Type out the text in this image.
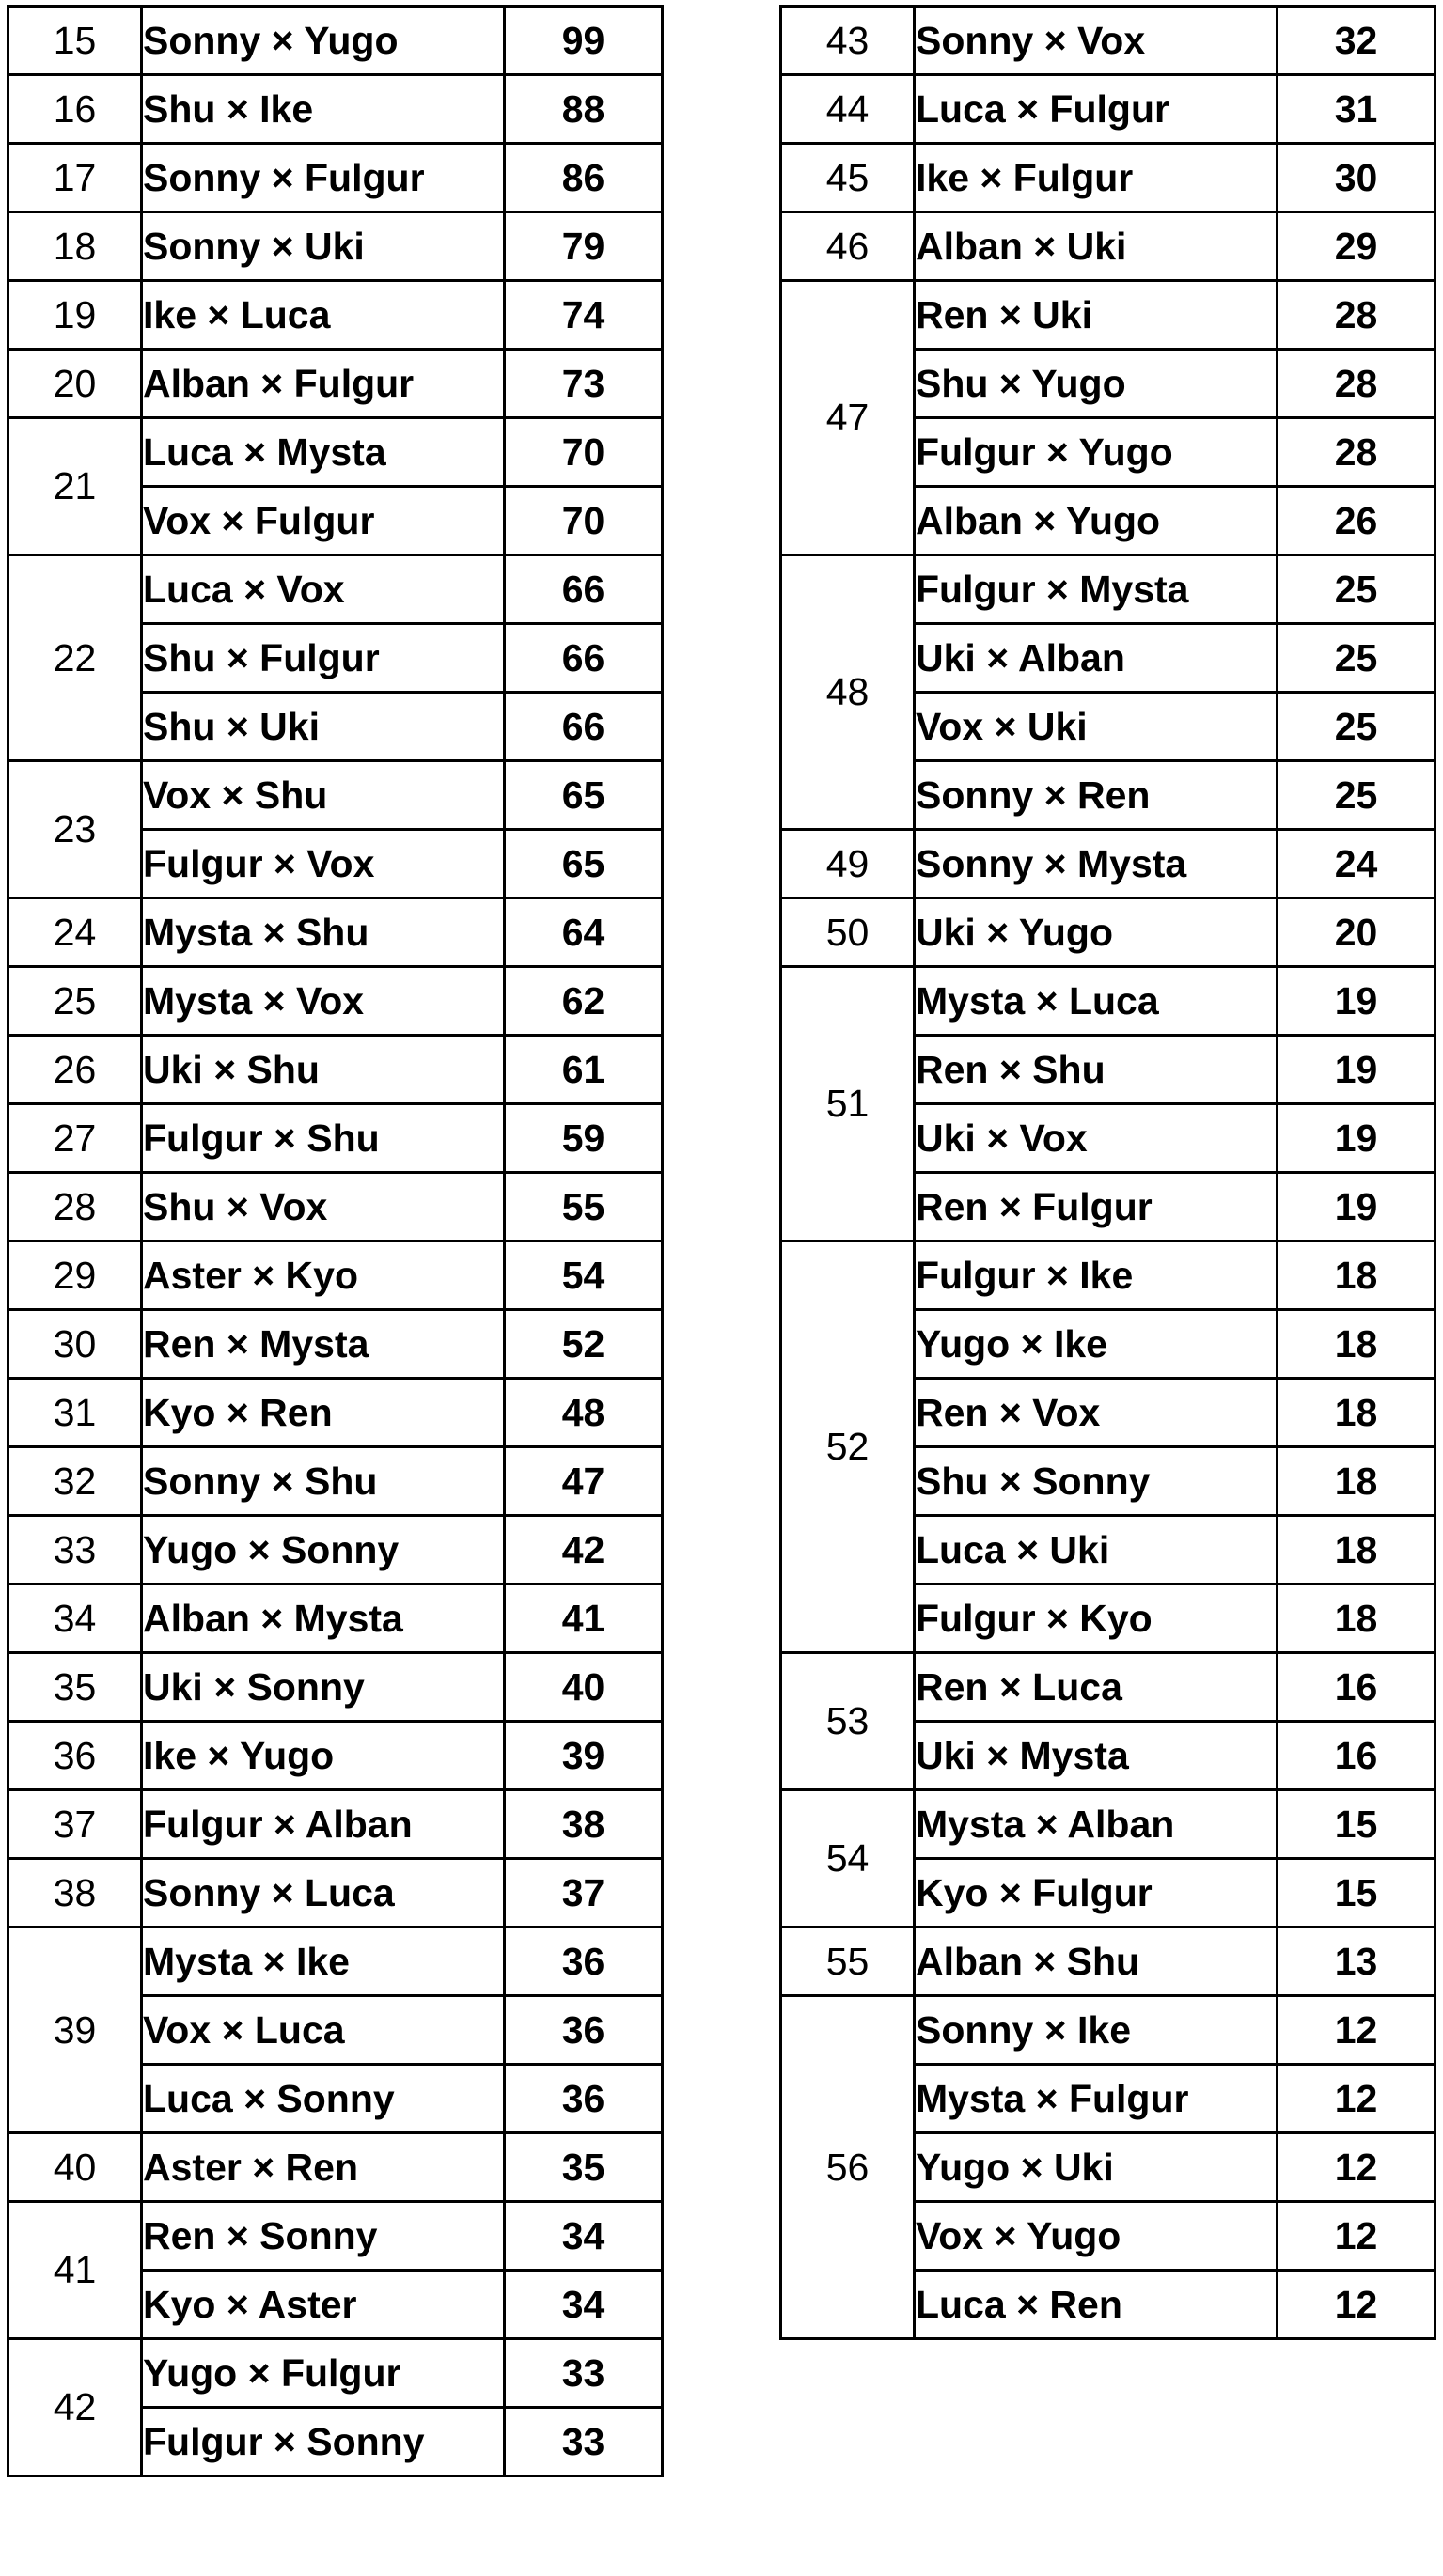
15	Sonny × Yugo	99
16	Shu × Ike	88
17	Sonny × Fulgur	86
18	Sonny × Uki	79
19	Ike × Luca	74
20	Alban × Fulgur	73
21	Luca × Mysta	70
	Vox × Fulgur	70
22	Luca × Vox	66
	Shu × Fulgur	66
	Shu × Uki	66
23	Vox × Shu	65
	Fulgur × Vox	65
24	Mysta × Shu	64
25	Mysta × Vox	62
26	Uki × Shu	61
27	Fulgur × Shu	59
28	Shu × Vox	55
29	Aster × Kyo	54
30	Ren × Mysta	52
31	Kyo × Ren	48
32	Sonny × Shu	47
33	Yugo × Sonny	42
34	Alban × Mysta	41
35	Uki × Sonny	40
36	Ike × Yugo	39
37	Fulgur × Alban	38
38	Sonny × Luca	37
39	Mysta × Ike	36
	Vox × Luca	36
	Luca × Sonny	36
40	Aster × Ren	35
41	Ren × Sonny	34
	Kyo × Aster	34
42	Yugo × Fulgur	33
	Fulgur × Sonny	33
43	Sonny × Vox	32
44	Luca × Fulgur	31
45	Ike × Fulgur	30
46	Alban × Uki	29
47	Ren × Uki	28
	Shu × Yugo	28
	Fulgur × Yugo	28
	Alban × Yugo	26
48	Fulgur × Mysta	25
	Uki × Alban	25
	Vox × Uki	25
	Sonny × Ren	25
49	Sonny × Mysta	24
50	Uki × Yugo	20
51	Mysta × Luca	19
	Ren × Shu	19
	Uki × Vox	19
	Ren × Fulgur	19
52	Fulgur × Ike	18
	Yugo × Ike	18
	Ren × Vox	18
	Shu × Sonny	18
	Luca × Uki	18
	Fulgur × Kyo	18
53	Ren × Luca	16
	Uki × Mysta	16
54	Mysta × Alban	15
	Kyo × Fulgur	15
55	Alban × Shu	13
56	Sonny × Ike	12
	Mysta × Fulgur	12
	Yugo × Uki	12
	Vox × Yugo	12
	Luca × Ren	12
